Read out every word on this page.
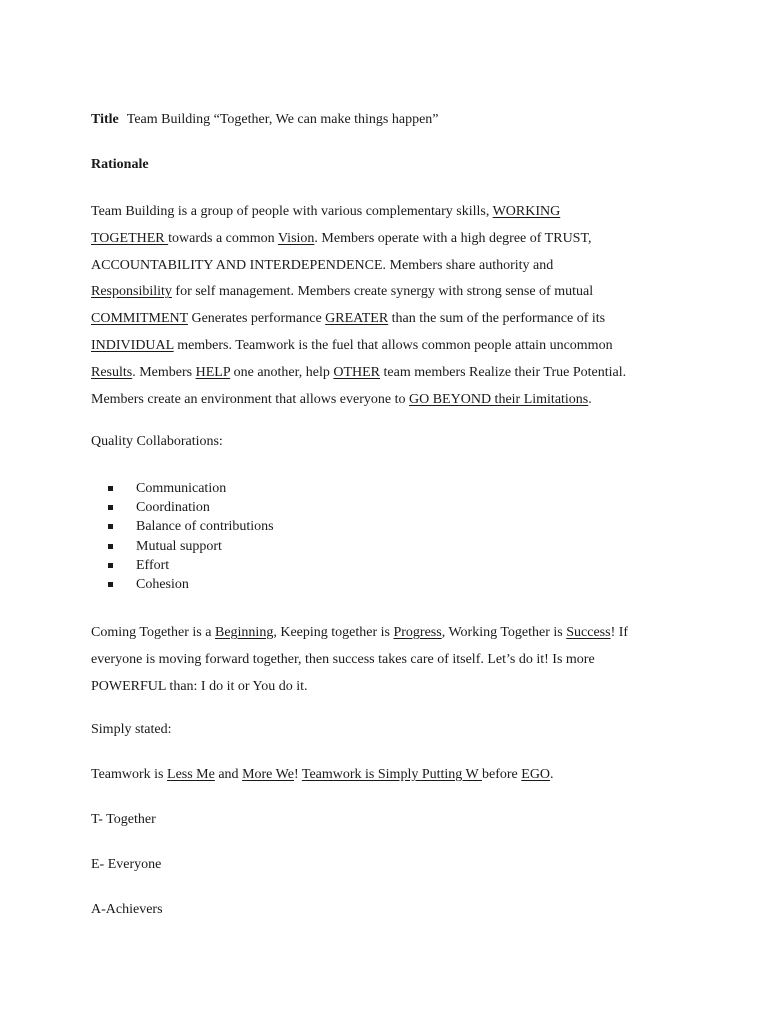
Title Team Building “Together, We can make things happen”

Rationale

Team Building is a group of people with various complementary skills, WORKING
TOGETHER towards a common Vision. Members operate with a high degree of TRUST,
ACCOUNTABILITY AND INTERDEPENDENCE. Members share authority and
Responsibility for self management. Members create synergy with strong sense of mutual
COMMITMENT Generates performance GREATER than the sum of the performance of its
INDIVIDUAL members. Teamwork is the fuel that allows common people attain uncommon
Results. Members HELP one another, help OTHER team members Realize their True Potential.
Members create an environment that allows everyone to GO BEYOND their Limitations.

Quality Collaborations:

Communication
Coordination
Balance of contributions
Mutual support
Effort
Cohesion

Coming Together is a Beginning, Keeping together is Progress, Working Together is Success! If
everyone is moving forward together, then success takes care of itself. Let’s do it! Is more
POWERFUL than: I do it or You do it.

Simply stated:

Teamwork is Less Me and More We! Teamwork is Simply Putting W before EGO.

T- Together

E- Everyone

A-Achievers
